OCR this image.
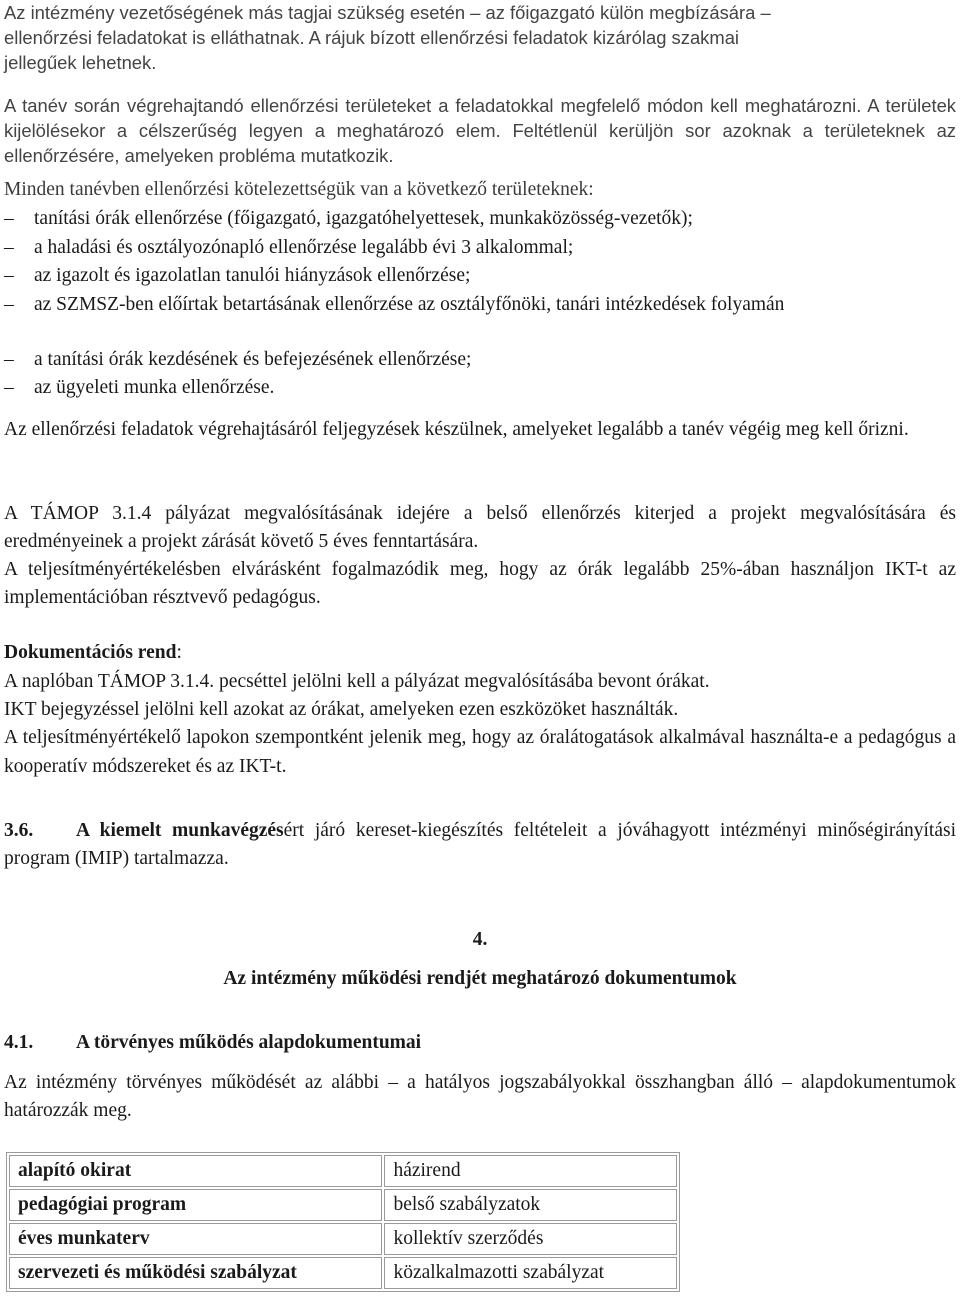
Az intézmény vezetőségének más tagjai szükség esetén – az főigazgató külön megbízására –

ellenőrzési feladatokat is elláthatnak. A rájuk bízott ellenőrzési feladatok kizárólag szakmai

jellegűek lehetnek.

A tanév során végrehajtandó ellenőrzési területeket a feladatokkal megfelelő módon kell meghatározni. A területek kijelölésekor a célszerűség legyen a meghatározó elem. Feltétlenül kerüljön sor azoknak a területeknek az ellenőrzésére, amelyeken probléma mutatkozik.

Minden tanévben ellenőrzési kötelezettségük van a következő területeknek:

–	tanítási órák ellenőrzése (főigazgató, igazgatóhelyettesek, munkaközösség-vezetők);
–	a haladási és osztályozónapló ellenőrzése legalább évi 3 alkalommal;
–	az igazolt és igazolatlan tanulói hiányzások ellenőrzése;
–	az SZMSZ-ben előírtak betartásának ellenőrzése az osztályfőnöki, tanári intézkedések folyamán
–	a tanítási órák kezdésének és befejezésének ellenőrzése;
–	az ügyeleti munka ellenőrzése.

Az ellenőrzési feladatok végrehajtásáról feljegyzések készülnek, amelyeket legalább a tanév végéig meg kell őrizni.

A TÁMOP 3.1.4 pályázat megvalósításának idejére a belső ellenőrzés kiterjed a projekt megvalósítására és eredményeinek a projekt zárását követő 5 éves fenntartására.

A teljesítményértékelésben elvárásként fogalmazódik meg, hogy az órák legalább 25%-ában használjon IKT-t az implementációban résztvevő pedagógus.

Dokumentációs rend:

A naplóban TÁMOP 3.1.4. pecséttel jelölni kell a pályázat megvalósításába bevont órákat.

IKT bejegyzéssel jelölni kell azokat az órákat, amelyeken ezen eszközöket használták.

A teljesítményértékelő lapokon szempontként jelenik meg, hogy az óralátogatások alkalmával használta-e a pedagógus a kooperatív módszereket és az IKT-t.

3.6. A kiemelt munkavégzésért járó kereset-kiegészítés feltételeit a jóváhagyott intézményi minőségirányítási program (IMIP) tartalmazza.

4.

Az intézmény működési rendjét meghatározó dokumentumok

4.1. A törvényes működés alapdokumentumai

Az intézmény törvényes működését az alábbi – a hatályos jogszabályokkal összhangban álló – alapdokumentumok határozzák meg.

alapító okirat	házirend
pedagógiai program	belső szabályzatok
éves munkaterv	kollektív szerződés
szervezeti és működési szabályzat	közalkalmazotti szabályzat
